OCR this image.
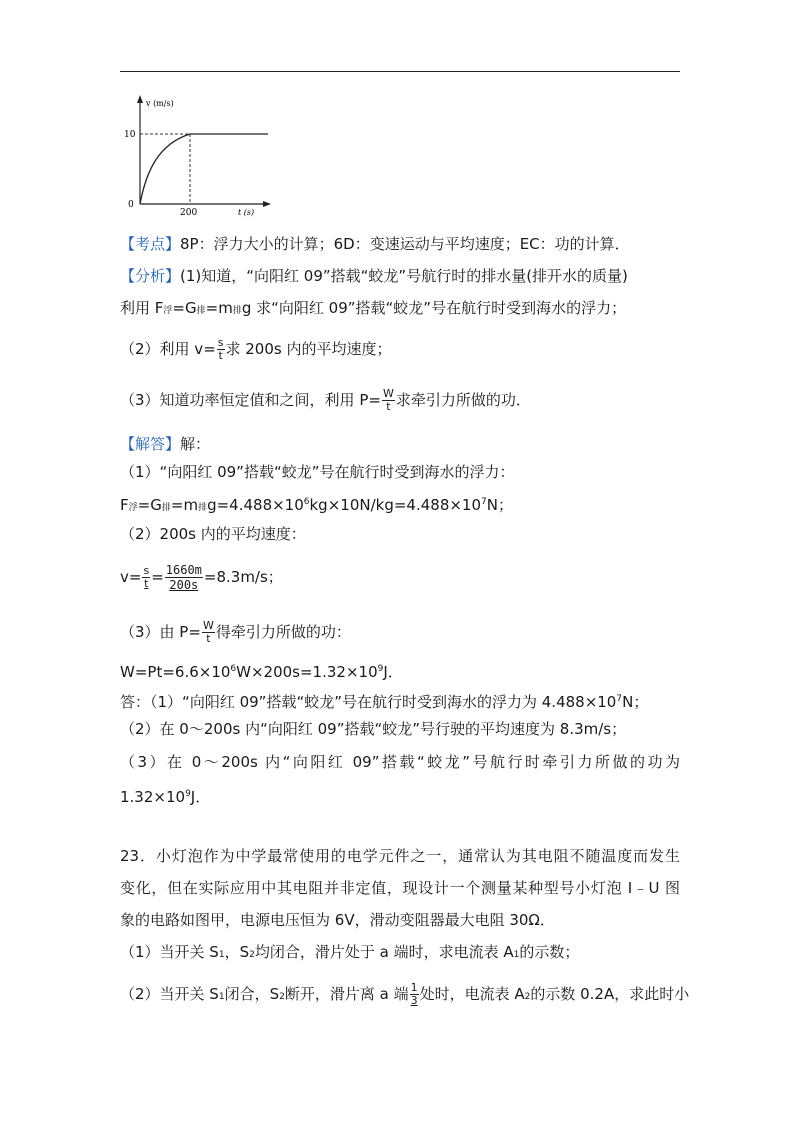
v (m/s)
10
0
200	t (s)
【考点】8P：浮力大小的计算；6D：变速运动与平均速度；EC：功的计算．
【分析】(1)知道，“向阳红 09”搭载“蛟龙”号航行时的排水量(排开水的质量)
利用 F浮=G排=m排g 求“向阳红 09”搭载“蛟龙”号在航行时受到海水的浮力；
（2）利用 $v= \frac{s}{t}$ 求 200s 内的平均速度；
（3）知道功率恒定值和之间，利用 $P= \frac{W}{t}$ 求牵引力所做的功．
【解答】解：
（1）“向阳红 09”搭载“蛟龙”号在航行时受到海水的浮力：
F浮=G排=m排$g=4.488\times 10^6kg\times 10N/kg=4.488\times 10^7N$；
（2）200s 内的平均速度：
$v= \frac{s}{t} = \frac{1660m}{200s} =8.3m/s$；
（3）由 $P= \frac{W}{t}$ 得牵引力所做的功：
$W=Pt=6.6\times 10^6W\times 200s=1.32\times 10^9J$．
答：（1）“向阳红 09”搭载“蛟龙”号在航行时受到海水的浮力为 $4.488\times 10^7N$；
（2）在 0～200s 内“向阳红 09”搭载“蛟龙”号行驶的平均速度为 8.3m/s；
（3）在 0～200s 内“向阳红 09”搭载“蛟龙”号航行时牵引力所做的功为
$1.32\times 10^9J$．
23．小灯泡作为中学最常使用的电学元件之一，通常认为其电阻不随温度而发生
变化，但在实际应用中其电阻并非定值，现设计一个测量某种型号小灯泡 I﹣U 图
象的电路如图甲，电源电压恒为 6V，滑动变阻器最大电阻 30Ω．
（1）当开关 S1，S2均闭合，滑片处于 a 端时，求电流表 A1的示数；
（2）当开关 S1闭合，S2断开，滑片离 a 端 $\frac{1}{3}$ 处时，电流表 A2的示数 0.2A，求此时小
